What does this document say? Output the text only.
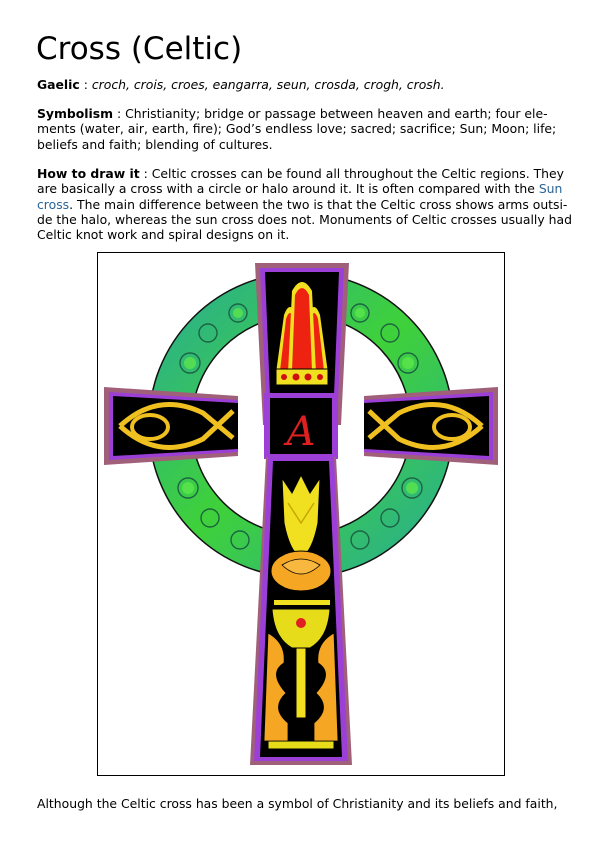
Cross (Celtic)

Gaelic : croch, crois, croes, eangarra, seun, crosda, crogh, crosh.

Symbolism : Christianity; bridge or passage between heaven and earth; four ele-ments (water, air, earth, fire); God’s endless love; sacred; sacrifice; Sun; Moon; life; beliefs and faith; blending of cultures.

How to draw it : Celtic crosses can be found all throughout the Celtic regions. They are basically a cross with a circle or halo around it. It is often compared with the Sun cross. The main difference between the two is that the Celtic cross shows arms outsi-de the halo, whereas the sun cross does not. Monuments of Celtic crosses usually had Celtic knot work and spiral designs on it.

A

Although the Celtic cross has been a symbol of Christianity and its beliefs and faith,
